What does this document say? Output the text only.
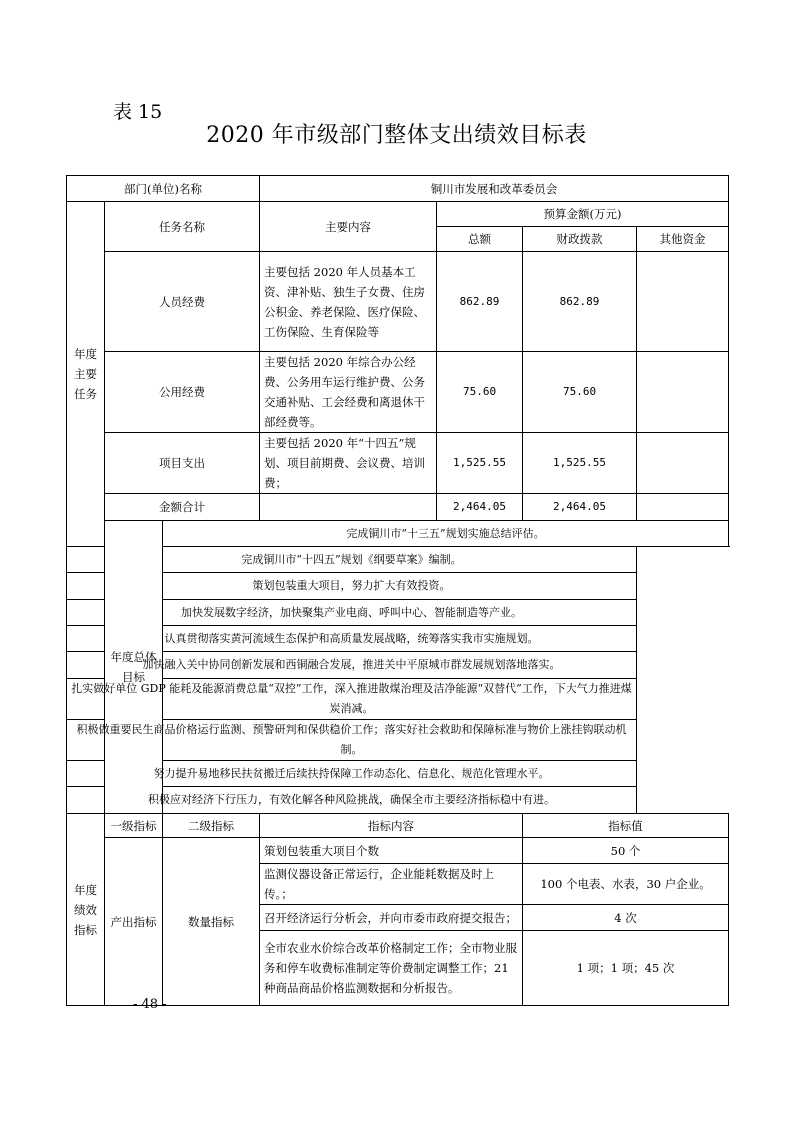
表 15
2020 年市级部门整体支出绩效目标表
部门(单位)名称			铜川市发展和改革委员会			
年度主要任务	任务名称		主要内容	预算金额(万元)		
				总额	财政拨款	其他资金
	人员经费		主要包括 2020 年人员基本工资、津补贴、独生子女费、住房公积金、养老保险、医疗保险、工伤保险、生育保险等	862.89	862.89	
	公用经费		主要包括 2020 年综合办公经费、公务用车运行维护费、公务交通补贴、工会经费和离退休干部经费等。	75.60	75.60	
	项目支出		主要包括 2020 年“十四五”规划、项目前期费、会议费、培训费；	1,525.55	1,525.55	
	金额合计			2,464.05	2,464.05	
	年度总体目标	完成铜川市“十三五”规划实施总结评估。				
完成铜川市“十四五”规划《纲要草案》编制。						
策划包装重大项目，努力扩大有效投资。						
加快发展数字经济，加快聚集产业电商、呼叫中心、智能制造等产业。						
认真贯彻落实黄河流域生态保护和高质量发展战略，统筹落实我市实施规划。						
加快融入关中协同创新发展和西铜融合发展，推进关中平原城市群发展规划落地落实。						
扎实做好单位 GDP 能耗及能源消费总量“双控”工作，深入推进散煤治理及洁净能源“双替代”工作，下大气力推进煤炭消减。						
积极做重要民生商品价格运行监测、预警研判和保供稳价工作；落实好社会救助和保障标准与物价上涨挂钩联动机制。						
努力提升易地移民扶贫搬迁后续扶持保障工作动态化、信息化、规范化管理水平。						
积极应对经济下行压力，有效化解各种风险挑战，确保全市主要经济指标稳中有进。						
年度绩效指标	一级指标	二级指标	指标内容		指标值	
	产出指标	数量指标	策划包装重大项目个数		50 个	
			监测仪器设备正常运行，企业能耗数据及时上传。；		100 个电表、水表，30 户企业。	
			召开经济运行分析会，并向市委市政府提交报告；		4 次	
			全市农业水价综合改革价格制定工作；全市物业服务和停车收费标准制定等价费制定调整工作；21 种商品商品价格监测数据和分析报告。		1 项；1 项；45 次	
- 48 -
